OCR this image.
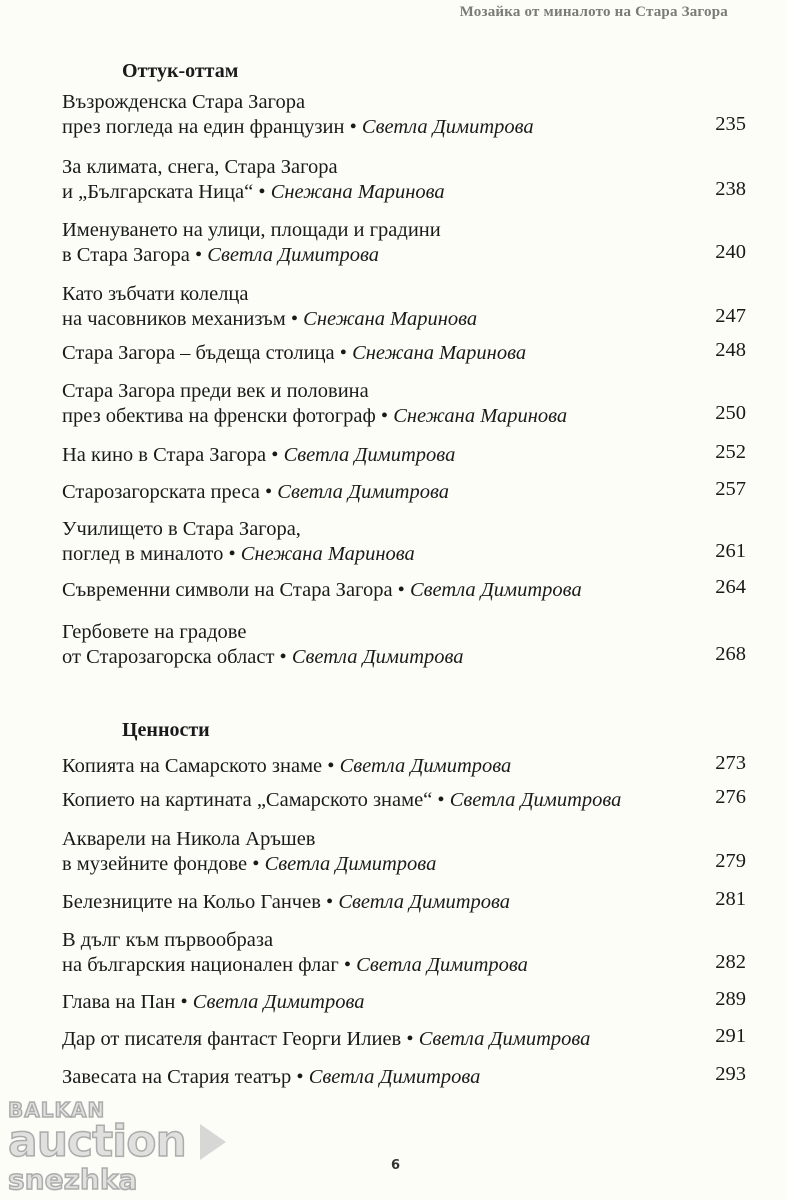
Мозайка от миналото на Стара Загора
Оттук-оттам
Възрожденска Стара Загора
през погледа на един французин • Светла Димитрова	235
За климата, снега, Стара Загора
и „Българската Ница“ • Снежана Маринова	238
Именуването на улици, площади и градини
в Стара Загора • Светла Димитрова	240
Като зъбчати колелца
на часовников механизъм • Снежана Маринова	247
Стара Загора – бъдеща столица • Снежана Маринова	248
Стара Загора преди век и половина
през обектива на френски фотограф • Снежана Маринова	250
На кино в Стара Загора • Светла Димитрова	252
Старозагорската преса • Светла Димитрова	257
Училището в Стара Загора,
поглед в миналото • Снежана Маринова	261
Съвременни символи на Стара Загора • Светла Димитрова	264
Гербовете на градове
от Старозагорска област • Светла Димитрова	268
Ценности
Копията на Самарското знаме • Светла Димитрова	273
Копието на картината „Самарското знаме“ • Светла Димитрова	276
Акварели на Никола Аръшев
в музейните фондове • Светла Димитрова	279
Белезниците на Кольо Ганчев • Светла Димитрова	281
В дълг към първообраза
на българския национален флаг • Светла Димитрова	282
Глава на Пан • Светла Димитрова	289
Дар от писателя фантаст Георги Илиев • Светла Димитрова	291
Завесата на Стария театър • Светла Димитрова	293
6
BALKAN
auction
snezhka
